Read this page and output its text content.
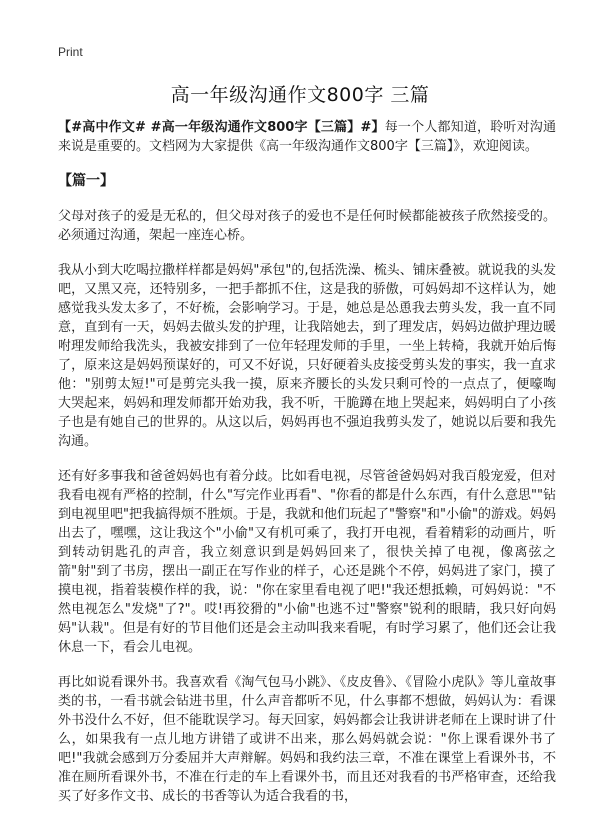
Print
高一年级沟通作文800字 三篇

【#高中作文# #高一年级沟通作文800字【三篇】#】每一个人都知道，聆听对沟通来说是重要的。文档网为大家提供《高一年级沟通作文800字【三篇】》，欢迎阅读。

【篇一】

父母对孩子的爱是无私的，但父母对孩子的爱也不是任何时候都能被孩子欣然接受的。必须通过沟通，架起一座连心桥。

我从小到大吃喝拉撒样样都是妈妈"承包"的,包括洗澡、梳头、铺床叠被。就说我的头发吧，又黑又亮，还特别多，一把手都抓不住，这是我的骄傲，可妈妈却不这样认为，她感觉我头发太多了，不好梳，会影响学习。于是，她总是怂恿我去剪头发，我一直不同意，直到有一天，妈妈去做头发的护理，让我陪她去，到了理发店，妈妈边做护理边暖咐理发师给我洗头，我被安排到了一位年轻理发师的手里，一坐上转椅，我就开始后悔了，原来这是妈妈预谋好的，可又不好说，只好硬着头皮接受剪头发的事实，我一直求他："别剪太短!"可是剪完头我一摸，原来齐腰长的头发只剩可怜的一点点了，便嚎啕大哭起来，妈妈和理发师都开始劝我，我不听，干脆蹲在地上哭起来，妈妈明白了小孩子也是有她自己的世界的。从这以后，妈妈再也不强迫我剪头发了，她说以后要和我先沟通。

还有好多事我和爸爸妈妈也有着分歧。比如看电视，尽管爸爸妈妈对我百般宠爱，但对我看电视有严格的控制，什么"写完作业再看"、"你看的都是什么东西，有什么意思""钻到电视里吧"把我搞得烦不胜烦。于是，我就和他们玩起了"警察"和"小偷"的游戏。妈妈出去了，嘿嘿，这让我这个"小偷"又有机可乘了，我打开电视，看着精彩的动画片，听到转动钥匙孔的声音，我立刻意识到是妈妈回来了，很快关掉了电视，像离弦之箭"射"到了书房，摆出一副正在写作业的样子，心还是跳个不停，妈妈进了家门，摸了摸电视，指着装模作样的我，说："你在家里看电视了吧!"我还想抵赖，可妈妈说："不然电视怎么"发烧"了?"。哎!再狡猾的"小偷"也逃不过"警察"锐利的眼睛，我只好向妈妈"认栽"。但是有好的节目他们还是会主动叫我来看呢，有时学习累了，他们还会让我休息一下，看会儿电视。

再比如说看课外书。我喜欢看《淘气包马小跳》、《皮皮鲁》、《冒险小虎队》等儿童故事类的书，一看书就会钻进书里，什么声音都听不见，什么事都不想做，妈妈认为：看课外书没什么不好，但不能耽误学习。每天回家，妈妈都会让我讲讲老师在上课时讲了什么，如果我有一点儿地方讲错了或讲不出来，那么妈妈就会说："你上课看课外书了吧!"我就会感到万分委屈并大声辩解。妈妈和我约法三章，不准在课堂上看课外书，不准在厕所看课外书，不准在行走的车上看课外书，而且还对我看的书严格审查，还给我买了好多作文书、成长的书香等认为适合我看的书，
